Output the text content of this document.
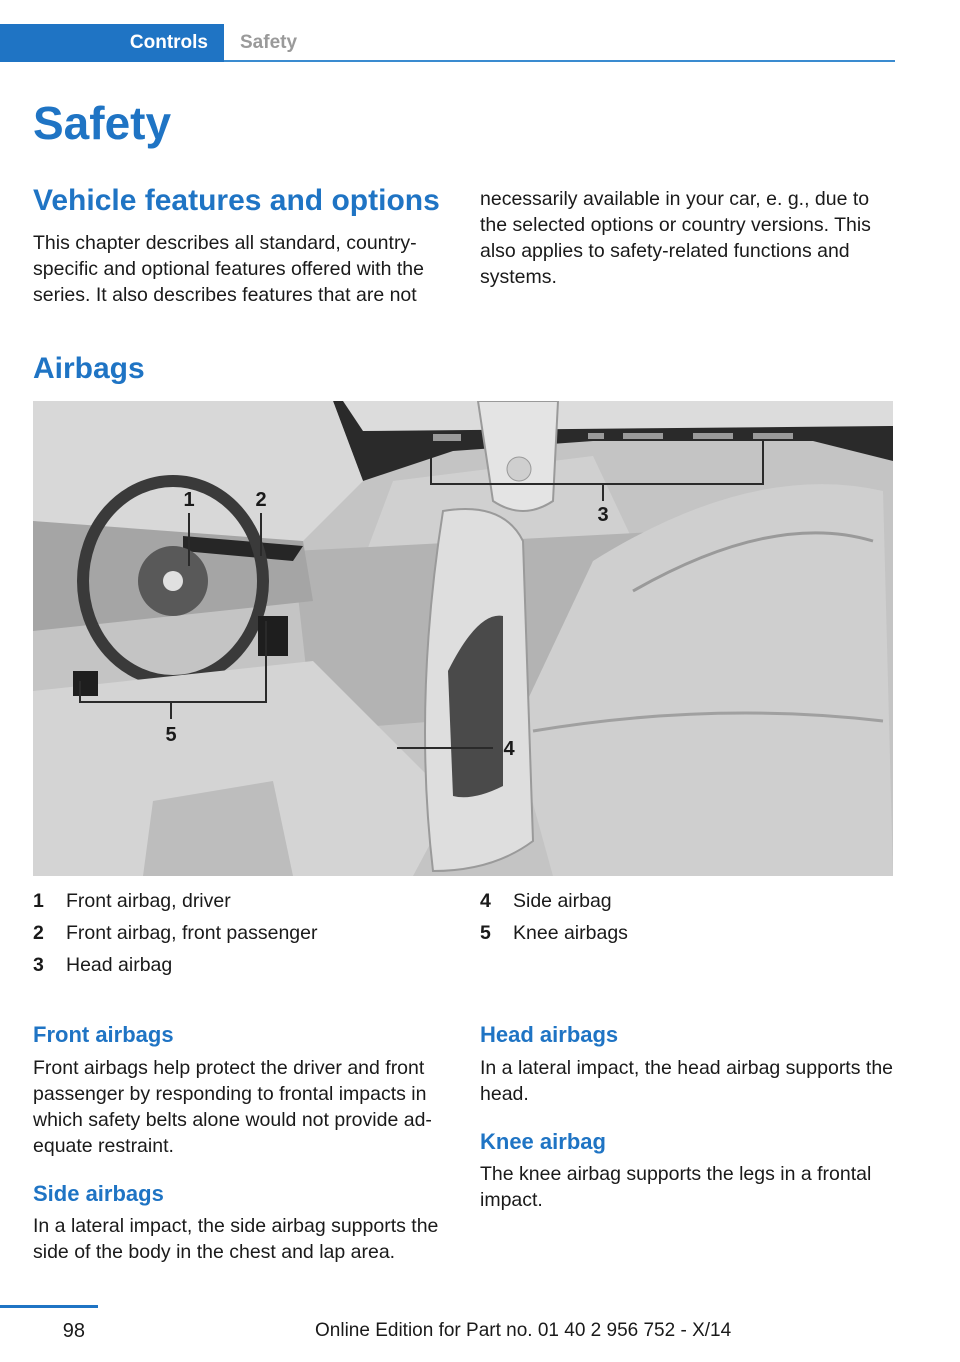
Controls	Safety
Safety
Vehicle features and options
This chapter describes all standard, country-specific and optional features offered with the series. It also describes features that are not
necessarily available in your car, e. g., due to the selected options or country versions. This also applies to safety-related functions and systems.
Airbags
1	2
3
4
5
1	Front airbag, driver
2	Front airbag, front passenger
3	Head airbag
4	Side airbag
5	Knee airbags
Front airbags
Front airbags help protect the driver and front passenger by responding to frontal impacts in which safety belts alone would not provide ad-equate restraint.
Side airbags
In a lateral impact, the side airbag supports the side of the body in the chest and lap area.
Head airbags
In a lateral impact, the head airbag supports the head.
Knee airbag
The knee airbag supports the legs in a frontal impact.
98	Online Edition for Part no. 01 40 2 956 752 - X/14
